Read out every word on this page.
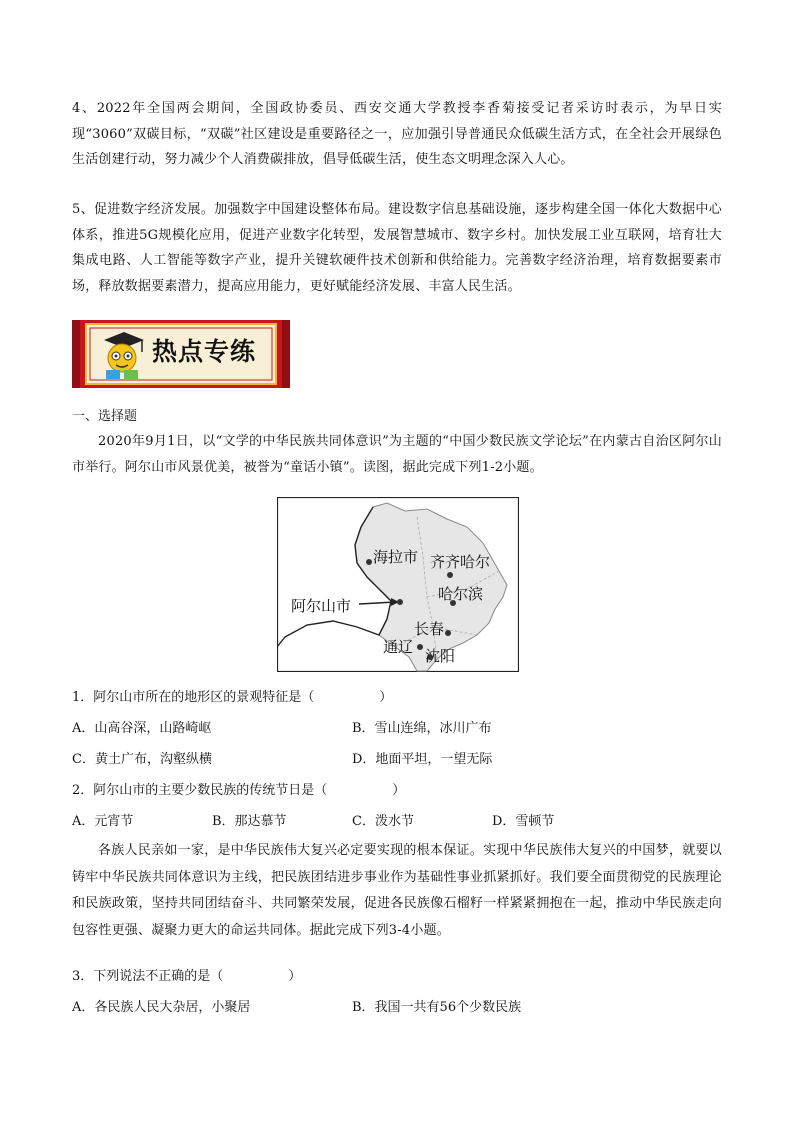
4、2022年全国两会期间，全国政协委员、西安交通大学教授李香菊接受记者采访时表示，为早日实现“3060”双碳目标，“双碳”社区建设是重要路径之一，应加强引导普通民众低碳生活方式，在全社会开展绿色生活创建行动，努力减少个人消费碳排放，倡导低碳生活，使生态文明理念深入人心。
5、促进数字经济发展。加强数字中国建设整体布局。建设数字信息基础设施，逐步构建全国一体化大数据中心体系，推进5G规模化应用，促进产业数字化转型，发展智慧城市、数字乡村。加快发展工业互联网，培育壮大集成电路、人工智能等数字产业，提升关键软硬件技术创新和供给能力。完善数字经济治理，培育数据要素市场，释放数据要素潜力，提高应用能力，更好赋能经济发展、丰富人民生活。
热点专练
一、选择题
2020年9月1日，以“文学的中华民族共同体意识”为主题的“中国少数民族文学论坛”在内蒙古自治区阿尔山市举行。阿尔山市风景优美，被誉为“童话小镇”。读图，据此完成下列1-2小题。
海拉市 齐齐哈尔
哈尔滨
阿尔山市
长春
通辽 沈阳
1．阿尔山市所在的地形区的景观特征是（　　　　　）
A．山高谷深，山路崎岖	B．雪山连绵，冰川广布
C．黄土广布，沟壑纵横	D．地面平坦，一望无际
2．阿尔山市的主要少数民族的传统节日是（　　　　　）
A．元宵节	B．那达慕节	C．泼水节	D．雪顿节
各族人民亲如一家，是中华民族伟大复兴必定要实现的根本保证。实现中华民族伟大复兴的中国梦，就要以铸牢中华民族共同体意识为主线，把民族团结进步事业作为基础性事业抓紧抓好。我们要全面贯彻党的民族理论和民族政策，坚持共同团结奋斗、共同繁荣发展，促进各民族像石榴籽一样紧紧拥抱在一起，推动中华民族走向包容性更强、凝聚力更大的命运共同体。据此完成下列3-4小题。
3．下列说法不正确的是（　　　　　）
A．各民族人民大杂居，小聚居	B．我国一共有56个少数民族
